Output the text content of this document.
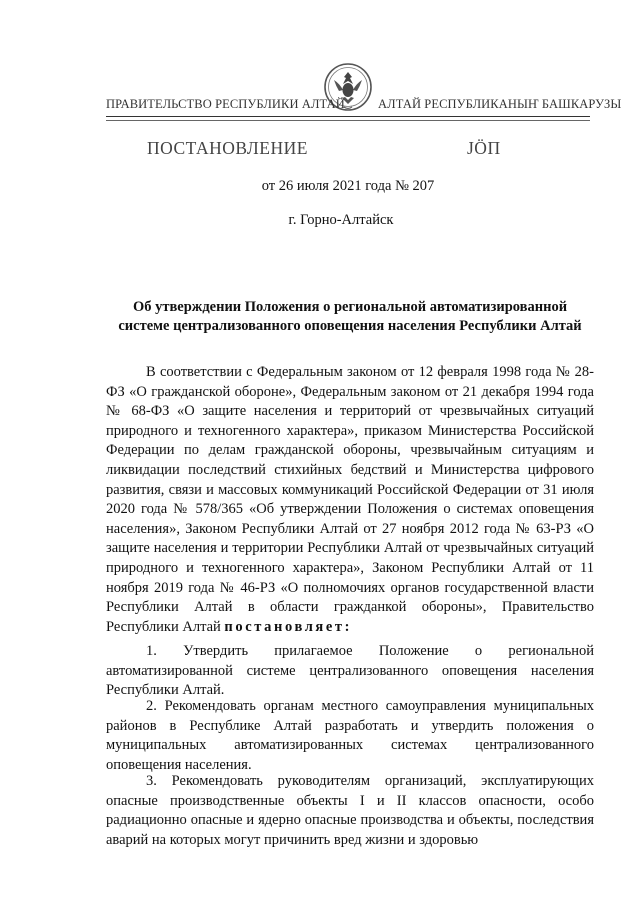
ПРАВИТЕЛЬСТВО РЕСПУБЛИКИ АЛТАЙ	АЛТАЙ РЕСПУБЛИКАНЫҤ БАШКАРУЗЫ
ПОСТАНОВЛЕНИЕ	ЈӦП
от 26 июля 2021 года № 207
г. Горно-Алтайск
Об утверждении Положения о региональной автоматизированной системе централизованного оповещения населения Республики Алтай
В соответствии с Федеральным законом от 12 февраля 1998 года № 28-ФЗ «О гражданской обороне», Федеральным законом от 21 декабря 1994 года № 68-ФЗ «О защите населения и территорий от чрезвычайных ситуаций природного и техногенного характера», приказом Министерства Российской Федерации по делам гражданской обороны, чрезвычайным ситуациям и ликвидации последствий стихийных бедствий и Министерства цифрового развития, связи и массовых коммуникаций Российской Федерации от 31 июля 2020 года № 578/365 «Об утверждении Положения о системах оповещения населения», Законом Республики Алтай от 27 ноября 2012 года № 63-РЗ «О защите населения и территории Республики Алтай от чрезвычайных ситуаций природного и техногенного характера», Законом Республики Алтай от 11 ноября 2019 года № 46-РЗ «О полномочиях органов государственной власти Республики Алтай в области гражданкой обороны», Правительство Республики Алтай постановляет:
1. Утвердить прилагаемое Положение о региональной автоматизированной системе централизованного оповещения населения Республики Алтай.
2. Рекомендовать органам местного самоуправления муниципальных районов в Республике Алтай разработать и утвердить положения о муниципальных автоматизированных системах централизованного оповещения населения.
3. Рекомендовать руководителям организаций, эксплуатирующих опасные производственные объекты I и II классов опасности, особо радиационно опасные и ядерно опасные производства и объекты, последствия аварий на которых могут причинить вред жизни и здоровью
